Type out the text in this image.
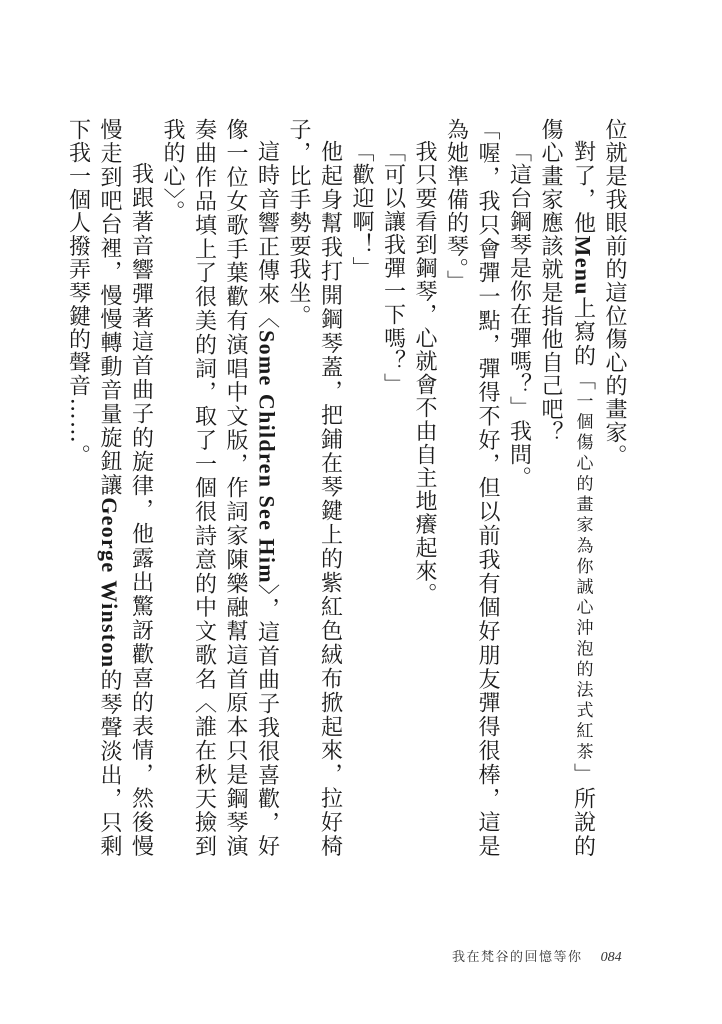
位就是我眼前的這位傷心的畫家。

對了，他Menu上寫的「一個傷心的畫家為你誠心沖泡的法式紅茶」所說的傷心畫家應該就是指他自己吧？

「這台鋼琴是你在彈嗎？」我問。

「喔，我只會彈一點，彈得不好，但以前我有個好朋友彈得很棒，這是為她準備的琴。」

我只要看到鋼琴，心就會不由自主地癢起來。

「可以讓我彈一下嗎？」

「歡迎啊！」

他起身幫我打開鋼琴蓋，把鋪在琴鍵上的紫紅色絨布掀起來，拉好椅子，比手勢要我坐。

這時音響正傳來〈Some Children See Him〉，這首曲子我很喜歡，好像一位女歌手葉歡有演唱中文版，作詞家陳樂融幫這首原本只是鋼琴演奏曲作品填上了很美的詞，取了一個很詩意的中文歌名〈誰在秋天撿到我的心〉。

我跟著音響彈著這首曲子的旋律，他露出驚訝歡喜的表情，然後慢慢走到吧台裡，慢慢轉動音量旋鈕讓George Winston的琴聲淡出，只剩下我一個人撥弄琴鍵的聲音……。

我在梵谷的回憶等你 084
